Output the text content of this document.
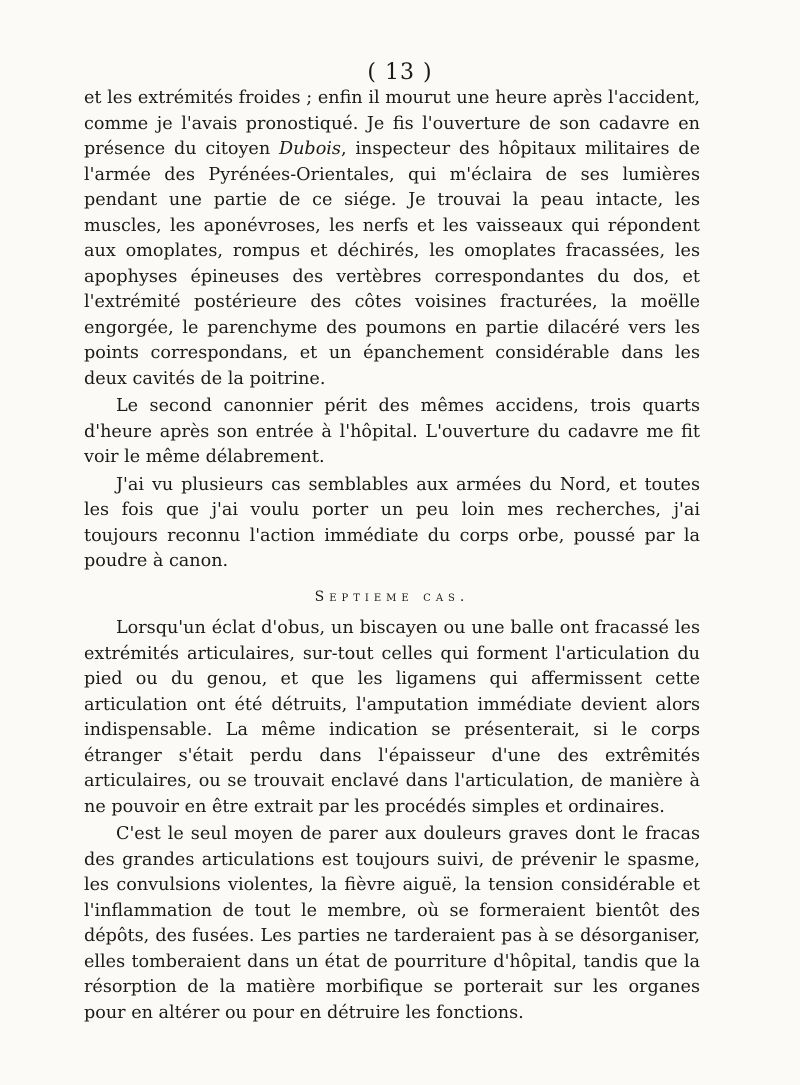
( 13 )

et les extrémités froides ; enfin il mourut une heure après l'accident, comme je l'avais pronostiqué. Je fis l'ouverture de son cadavre en présence du citoyen Dubois, inspecteur des hôpitaux militaires de l'armée des Pyrénées-Orientales, qui m'éclaira de ses lumières pendant une partie de ce siége. Je trouvai la peau intacte, les muscles, les aponévroses, les nerfs et les vaisseaux qui répondent aux omoplates, rompus et déchirés, les omoplates fracassées, les apophyses épineuses des vertèbres correspondantes du dos, et l'extrémité postérieure des côtes voisines fracturées, la moëlle engorgée, le parenchyme des poumons en partie dilacéré vers les points correspondans, et un épanchement considérable dans les deux cavités de la poitrine.

Le second canonnier périt des mêmes accidens, trois quarts d'heure après son entrée à l'hôpital. L'ouverture du cadavre me fit voir le même délabrement.

J'ai vu plusieurs cas semblables aux armées du Nord, et toutes les fois que j'ai voulu porter un peu loin mes recherches, j'ai toujours reconnu l'action immédiate du corps orbe, poussé par la poudre à canon.

Septieme cas.

Lorsqu'un éclat d'obus, un biscayen ou une balle ont fracassé les extrémités articulaires, sur-tout celles qui forment l'articulation du pied ou du genou, et que les ligamens qui affermissent cette articulation ont été détruits, l'amputation immédiate devient alors indispensable. La même indication se présenterait, si le corps étranger s'était perdu dans l'épaisseur d'une des extrêmités articulaires, ou se trouvait enclavé dans l'articulation, de manière à ne pouvoir en être extrait par les procédés simples et ordinaires.

C'est le seul moyen de parer aux douleurs graves dont le fracas des grandes articulations est toujours suivi, de prévenir le spasme, les convulsions violentes, la fièvre aiguë, la tension considérable et l'inflammation de tout le membre, où se formeraient bientôt des dépôts, des fusées. Les parties ne tarderaient pas à se désorganiser, elles tomberaient dans un état de pourriture d'hôpital, tandis que la résorption de la matière morbifique se porterait sur les organes pour en altérer ou pour en détruire les fonctions.
